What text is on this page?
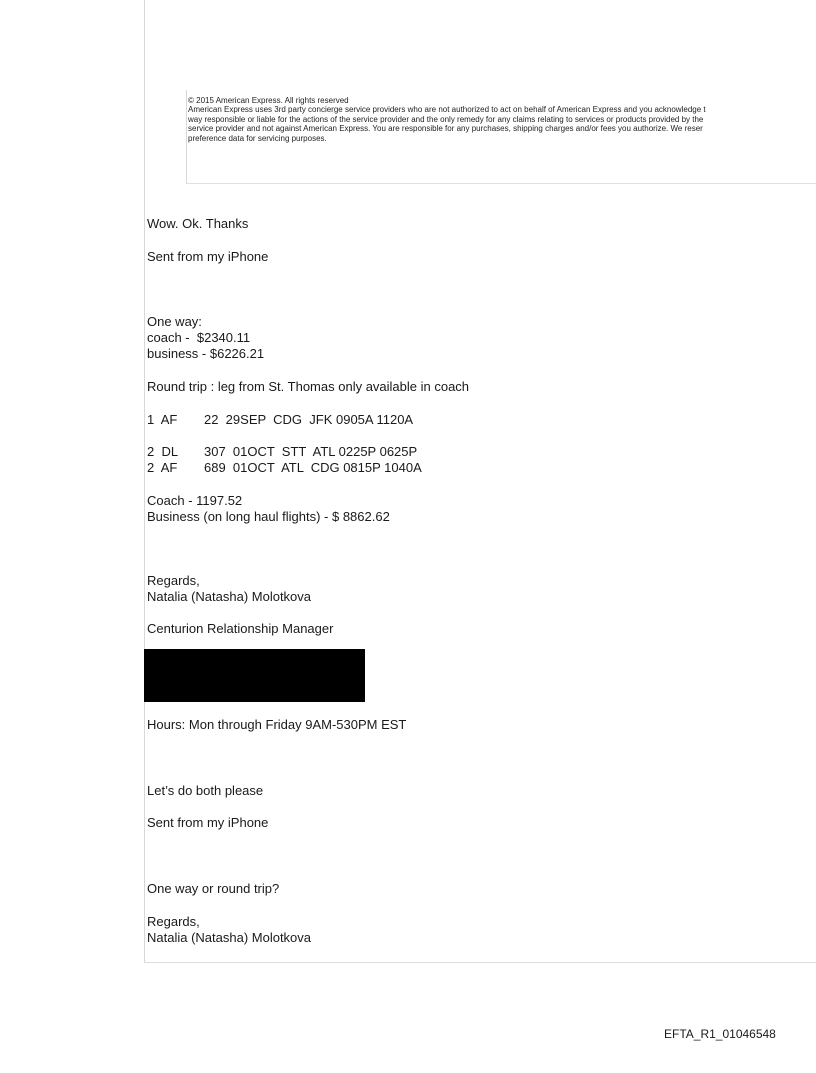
© 2015 American Express. All rights reserved
American Express uses 3rd party concierge service providers who are not authorized to act on behalf of American Express and you acknowledge t
way responsible or liable for the actions of the service provider and the only remedy for any claims relating to services or products provided by the
service provider and not against American Express. You are responsible for any purchases, shipping charges and/or fees you authorize. We reser
preference data for servicing purposes.
Wow. Ok. Thanks
Sent from my iPhone
One way:
coach -  $2340.11
business - $6226.21
Round trip : leg from St. Thomas only available in coach
1  AF 22  29SEP  CDG  JFK 0905A 1120A
2  DL 307  01OCT  STT  ATL 0225P 0625P
2  AF 689  01OCT  ATL  CDG 0815P 1040A
Coach - 1197.52
Business (on long haul flights) - $ 8862.62
Regards,
Natalia (Natasha) Molotkova
Centurion Relationship Manager
Hours: Mon through Friday 9AM-530PM EST
Let’s do both please
Sent from my iPhone
One way or round trip?
Regards,
Natalia (Natasha) Molotkova
EFTA_R1_01046548
